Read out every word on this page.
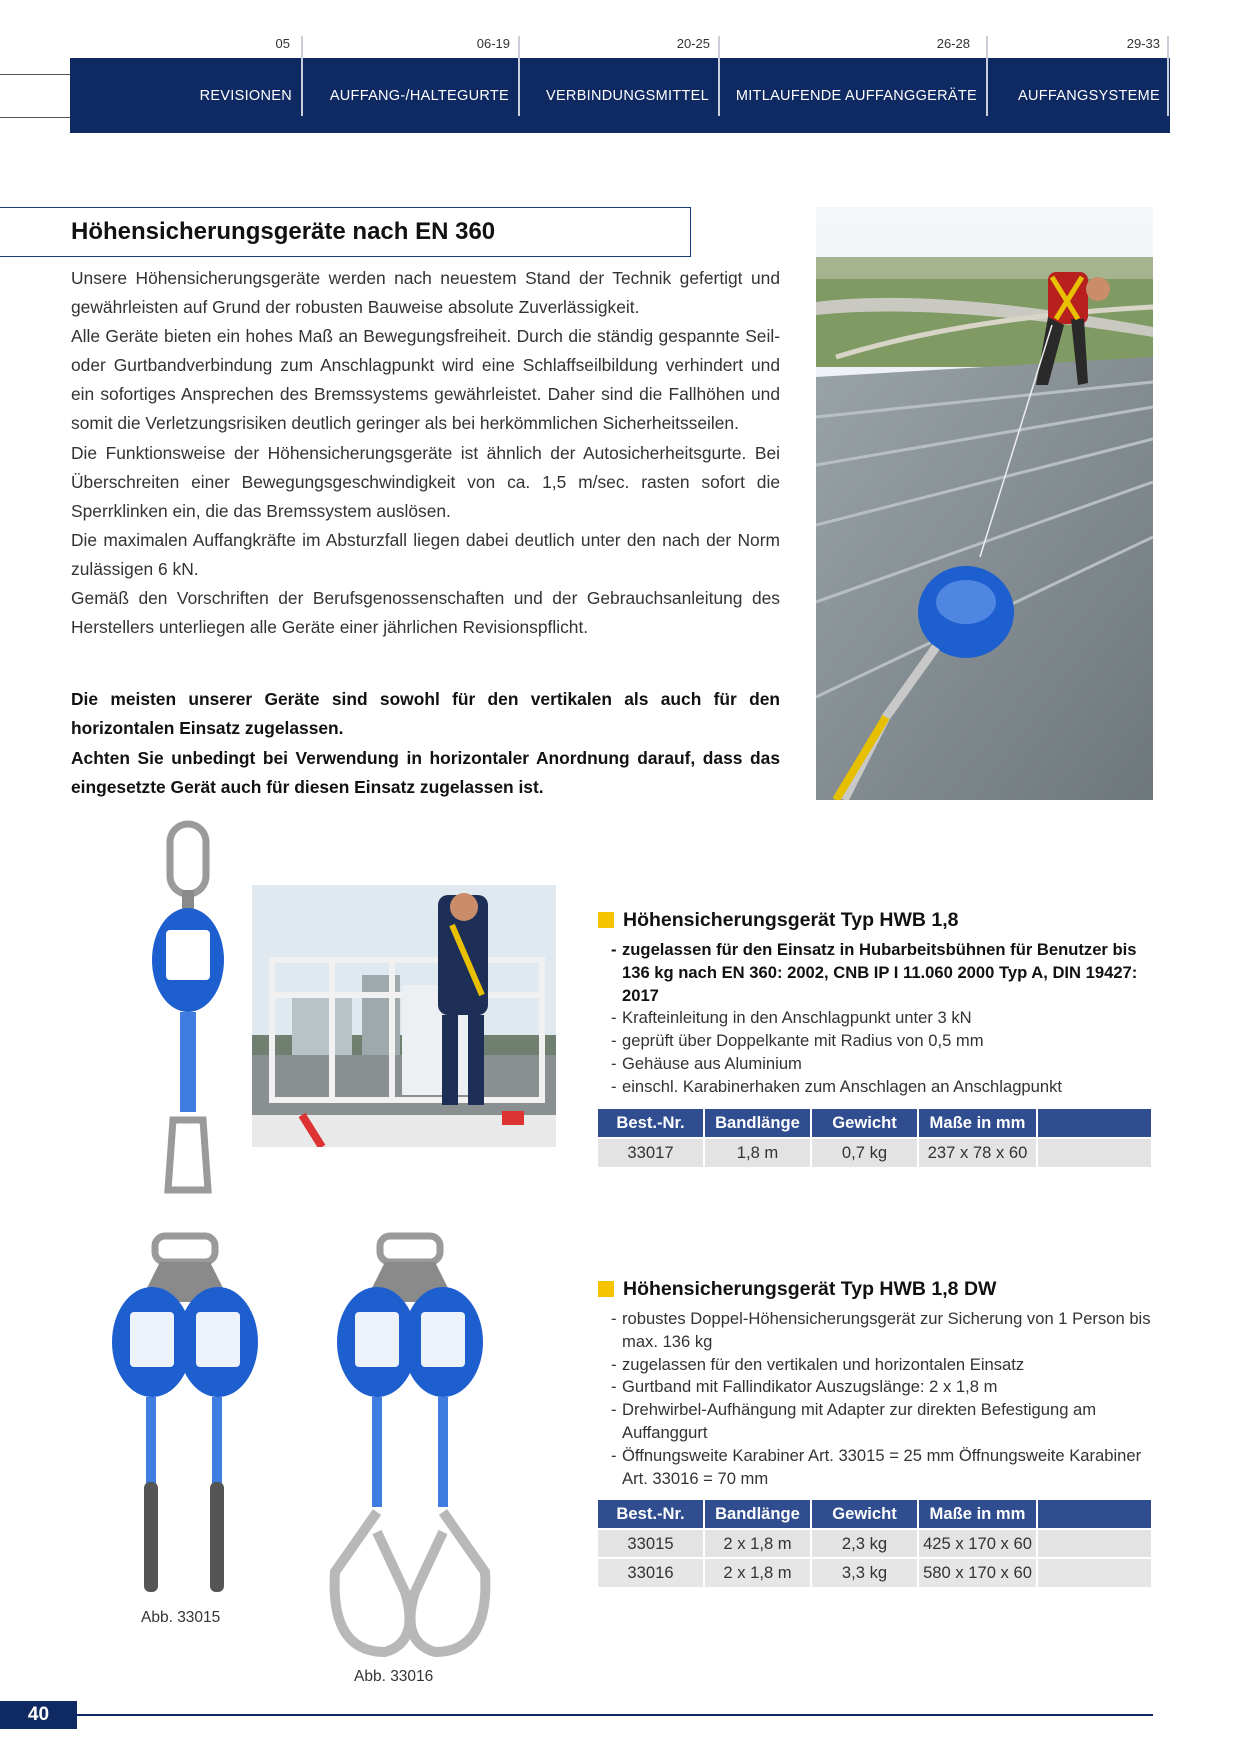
05	06-19	20-25	26-28	29-33
REVISIONEN	AUFFANG-/HALTEGURTE	VERBINDUNGSMITTEL	MITLAUFENDE AUFFANGGERÄTE	AUFFANGSYSTEME
Höhensicherungsgeräte nach EN 360

Unsere Höhensicherungsgeräte werden nach neuestem Stand der Technik gefertigt und gewährleisten auf Grund der robusten Bauweise absolute Zuverlässigkeit.

Alle Geräte bieten ein hohes Maß an Bewegungsfreiheit. Durch die ständig gespannte Seil- oder Gurtbandverbindung zum Anschlagpunkt wird eine Schlaffseilbildung verhindert und ein sofortiges Ansprechen des Bremssystems gewährleistet. Daher sind die Fallhöhen und somit die Verletzungsrisiken deutlich geringer als bei herkömmlichen Sicherheitsseilen.

Die Funktionsweise der Höhensicherungsgeräte ist ähnlich der Autosicherheitsgurte. Bei Überschreiten einer Bewegungsgeschwindigkeit von ca. 1,5 m/sec. rasten sofort die Sperrklinken ein, die das Bremssystem auslösen.

Die maximalen Auffangkräfte im Absturzfall liegen dabei deutlich unter den nach der Norm zulässigen 6 kN.

Gemäß den Vorschriften der Berufsgenossenschaften und der Gebrauchsanleitung des Herstellers unterliegen alle Geräte einer jährlichen Revisionspflicht.

Die meisten unserer Geräte sind sowohl für den vertikalen als auch für den horizontalen Einsatz zugelassen.

Achten Sie unbedingt bei Verwendung in horizontaler Anordnung darauf, dass das eingesetzte Gerät auch für diesen Einsatz zugelassen ist.

Abb. 33015
Abb. 33016
Höhensicherungsgerät Typ HWB 1,8
- zugelassen für den Einsatz in Hubarbeitsbühnen für Benutzer bis 136 kg nach EN 360: 2002, CNB IP I 11.060 2000 Typ A, DIN 19427: 2017
- Krafteinleitung in den Anschlagpunkt unter 3 kN
- geprüft über Doppelkante mit Radius von 0,5 mm
- Gehäuse aus Aluminium
- einschl. Karabinerhaken zum Anschlagen an Anschlagpunkt
Best.-Nr.	Bandlänge	Gewicht	Maße in mm	
33017	1,8 m	0,7 kg	237 x 78 x 60	
Höhensicherungsgerät Typ HWB 1,8 DW
- robustes Doppel-Höhensicherungsgerät zur Sicherung von 1 Person bis max. 136 kg
- zugelassen für den vertikalen und horizontalen Einsatz
- Gurtband mit Fallindikator Auszugslänge: 2 x 1,8 m
- Drehwirbel-Aufhängung mit Adapter zur direkten Befestigung am Auffanggurt
- Öffnungsweite Karabiner Art. 33015 = 25 mm Öffnungsweite Karabiner Art. 33016 = 70 mm
Best.-Nr.	Bandlänge	Gewicht	Maße in mm	
33015	2 x 1,8 m	2,3 kg	425 x 170 x 60	
33016	2 x 1,8 m	3,3 kg	580 x 170 x 60	
40
